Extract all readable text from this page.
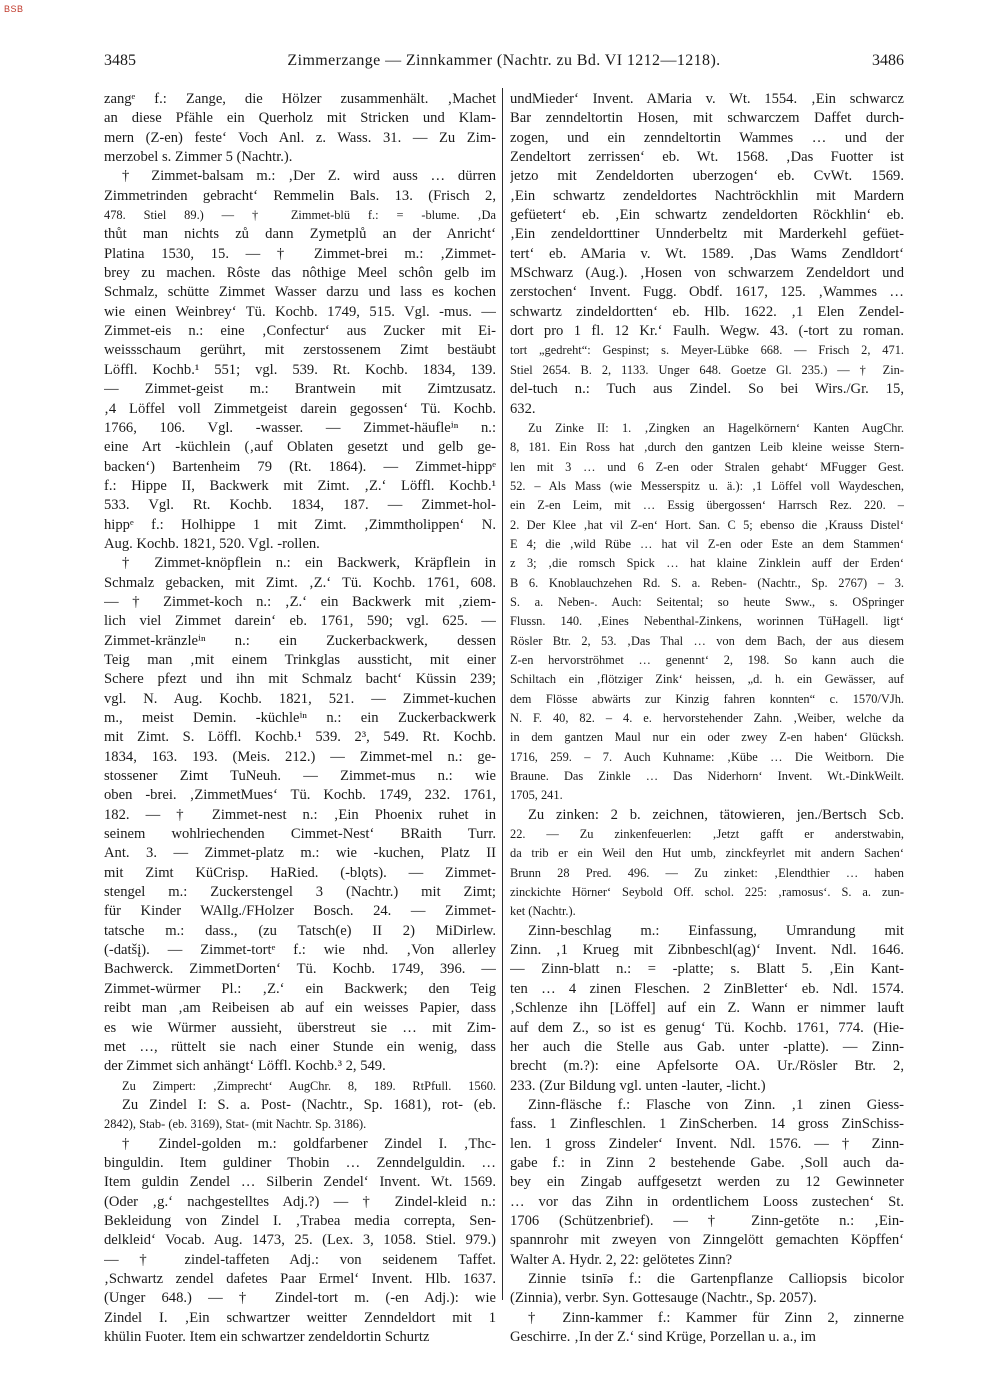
BSB
3485	Zimmerzange — Zinnkammer (Nachtr. zu Bd. VI 1212—1218).	3486
zangᵉ f.: Zange, die Hölzer zusammenhält. ‚Machet
an diese Pfähle ein Querholz mit Stricken und Klam-
mern (Z-en) feste‘ Voch Anl. z. Wass. 31. — Zu Zim-
merzobel s. Zimmer 5 (Nachtr.).
† Zimmet-balsam m.: ‚Der Z. wird auss … dürren
Zimmetrinden gebracht‘ Remmelin Bals. 13. (Frisch 2,
478. Stiel 89.) — † Zimmet-blü f.: = -blume. ‚Da
thůt man nichts zů dann Zymetplů an der Anricht‘
Platina 1530, 15. — † Zimmet-brei m.: ‚Zimmet-
brey zu machen. Rôste das nôthige Meel schôn gelb im
Schmalz, schütte Zimmet Wasser darzu und lass es kochen
wie einen Weinbrey‘ Tü. Kochb. 1749, 515. Vgl. -mus. —
Zimmet-eis n.: eine ‚Confectur‘ aus Zucker mit Ei-
weissschaum gerührt, mit zerstossenem Zimt bestäubt
Löffl. Kochb.¹ 551; vgl. 539. Rt. Kochb. 1834, 139.
— Zimmet-geist m.: Brantwein mit Zimtzusatz.
‚4 Löffel voll Zimmetgeist darein gegossen‘ Tü. Kochb.
1766, 106. Vgl. -wasser. — Zimmet-häufleⁱⁿ n.:
eine Art -küchlein (‚auf Oblaten gesetzt und gelb ge-
backen‘) Bartenheim 79 (Rt. 1864). — Zimmet-hippᵉ
f.: Hippe II, Backwerk mit Zimt. ‚Z.‘ Löffl. Kochb.¹
533. Vgl. Rt. Kochb. 1834, 187. — Zimmet-hol-
hippᵉ f.: Holhippe 1 mit Zimt. ‚Zimmtholippen‘ N.
Aug. Kochb. 1821, 520. Vgl. -rollen.
† Zimmet-knöpflein n.: ein Backwerk, Kräpflein in
Schmalz gebacken, mit Zimt. ‚Z.‘ Tü. Kochb. 1761, 608.
— † Zimmet-koch n.: ‚Z.‘ ein Backwerk mit ‚ziem-
lich viel Zimmet darein‘ eb. 1761, 590; vgl. 625. —
Zimmet-kränzleⁱⁿ n.: ein Zuckerbackwerk, dessen
Teig man ‚mit einem Trinkglas aussticht, mit einer
Schere pfezt und ihn mit Schmalz bacht‘ Küssin 239;
vgl. N. Aug. Kochb. 1821, 521. — Zimmet-kuchen
m., meist Demin. -küchleⁱⁿ n.: ein Zuckerbackwerk
mit Zimt. S. Löffl. Kochb.¹ 539. 2³, 549. Rt. Kochb.
1834, 163. 193. (Meis. 212.) — Zimmet-mel n.: ge-
stossener Zimt TuNeuh. — Zimmet-mus n.: wie
oben -brei. ‚ZimmetMues‘ Tü. Kochb. 1749, 232. 1761,
182. — † Zimmet-nest n.: ‚Ein Phoenix ruhet in
seinem wohlriechenden Cimmet-Nest‘ BRaith Turr.
Ant. 3. — Zimmet-platz m.: wie -kuchen, Platz II
mit Zimt KüCrisp. HaRied. (-blǫts). — Zimmet-
stengel m.: Zuckerstengel 3 (Nachtr.) mit Zimt;
für Kinder WAllg./FHolzer Bosch. 24. — Zimmet-
tatsche m.: dass., (zu Tatsch(e) II 2) MiDirlew.
(-datšį). — Zimmet-tortᵉ f.: wie nhd. ‚Von allerley
Bachwerck. ZimmetDorten‘ Tü. Kochb. 1749, 396. —
Zimmet-würmer Pl.: ‚Z.‘ ein Backwerk; den Teig
reibt man ‚am Reibeisen ab auf ein weisses Papier, dass
es wie Würmer aussieht, überstreut sie … mit Zim-
met …, rüttelt sie nach einer Stunde ein wenig, dass
der Zimmet sich anhängt‘ Löffl. Kochb.³ 2, 549.
Zu Zimpert: ‚Zimprecht‘ AugChr. 8, 189. RtPfull. 1560.
Zu Zindel I: S. a. Post- (Nachtr., Sp. 1681), rot- (eb.
2842), Stab- (eb. 3169), Stat- (mit Nachtr. Sp. 3186).
† Zindel-golden m.: goldfarbener Zindel I. ‚Thc-
binguldin. Item guldiner Thobin … Zenndelguldin. …
Item guldin Zendel … Silberin Zendel‘ Invent. Wt. 1569.
(Oder ‚g.‘ nachgestelltes Adj.?) — † Zindel-kleid n.:
Bekleidung von Zindel I. ‚Trabea media correpta, Sen-
delkleid‘ Vocab. Aug. 1473, 25. (Lex. 3, 1058. Stiel. 979.)
— † zindel-taffeten Adj.: von seidenem Taffet.
‚Schwartz zendel dafetes Paar Ermel‘ Invent. Hlb. 1637.
(Unger 648.) — † Zindel-tort m. (-en Adj.): wie
Zindel I. ‚Ein schwartzer weitter Zenndeldort mit 1
khülin Fuoter. Item ein schwartzer zendeldortin Schurtz
undMieder‘ Invent. AMaria v. Wt. 1554. ‚Ein schwarcz
Bar zenndeltortin Hosen, mit schwarczem Daffet durch-
zogen, und ein zenndeltortin Wammes … und der
Zendeltort zerrissen‘ eb. Wt. 1568. ‚Das Fuotter ist
jetzo mit Zendeldorten uberzogen‘ eb. CvWt. 1569.
‚Ein schwartz zendeldortes Nachtröckhlin mit Mardern
gefüetert‘ eb. ‚Ein schwartz zendeldorten Röckhlin‘ eb.
‚Ein zendeldorttiner Unnderbeltz mit Marderkehl gefüet-
tert‘ eb. AMaria v. Wt. 1589. ‚Das Wams Zendldort‘
MSchwarz (Aug.). ‚Hosen von schwarzem Zendeldort und
zerstochen‘ Invent. Fugg. Obdf. 1617, 125. ‚Wammes …
schwartz zindeldortten‘ eb. Hlb. 1622. ‚1 Elen Zendel-
dort pro 1 fl. 12 Kr.‘ Faulh. Wegw. 43. (-tort zu roman.
tort „gedreht“: Gespinst; s. Meyer-Lübke 668. — Frisch 2, 471.
Stiel 2654. B. 2, 1133. Unger 648. Goetze Gl. 235.) — † Zin-
del-tuch n.: Tuch aus Zindel. So bei Wirs./Gr. 15,
632.
Zu Zinke II: 1. ‚Zingken an Hagelkörnern‘ Kanten AugChr.
8, 181. Ein Ross hat ‚durch den gantzen Leib kleine weisse Stern-
len mit 3 … und 6 Z-en oder Stralen gehabt‘ MFugger Gest.
52. – Als Mass (wie Messerspitz u. ä.): ‚1 Löffel voll Waydeschen,
ein Z-en Leim, mit … Essig übergossen‘ Harrsch Rez. 220. –
2. Der Klee ‚hat vil Z-en‘ Hort. San. C 5; ebenso die ‚Krauss Distel‘
E 4; die ‚wild Rübe … hat vil Z-en oder Este an dem Stammen‘
z 3; ‚die romsch Spick … hat klaine Zinklein auff der Erden‘
B 6. Knoblauchzehen Rd. S. a. Reben- (Nachtr., Sp. 2767) – 3.
S. a. Neben-. Auch: Seitental; so heute Sww., s. OSpringer
Flussn. 140. ‚Eines Nebenthal-Zinkens, worinnen TüHagell. ligt‘
Rösler Btr. 2, 53. ‚Das Thal … von dem Bach, der aus diesem
Z-en hervorströhmet … genennt‘ 2, 198. So kann auch die
Schiltach ein ‚flötziger Zink‘ heissen, „d. h. ein Gewässer, auf
dem Flösse abwärts zur Kinzig fahren konnten“ c. 1570/VJh.
N. F. 40, 82. – 4. e. hervorstehender Zahn. ‚Weiber, welche da
in dem gantzen Maul nur ein oder zwey Z-en haben‘ Glücksh.
1716, 259. – 7. Auch Kuhname: ‚Kübe … Die Weitborn. Die
Braune. Das Zinkle … Das Niderhorn‘ Invent. Wt.-DinkWeilt.
1705, 241.
Zu zinken: 2 b. zeichnen, tätowieren, jen./Bertsch Scb.
22. — Zu zinkenfeuerlen: ‚Jetzt gafft er anderstwabin,
da trib er ein Weil den Hut umb, zinckfeyrlet mit andern Sachen‘
Brunn 28 Pred. 496. — Zu zinket: ‚Elendthier … haben
zinckichte Hörner‘ Seybold Off. schol. 225: ‚ramosus‘. S. a. zun-
ket (Nachtr.).
Zinn-beschlag m.: Einfassung, Umrandung mit
Zinn. ‚1 Krueg mit Zibnbeschl(ag)‘ Invent. Ndl. 1646.
— Zinn-blatt n.: = -platte; s. Blatt 5. ‚Ein Kant-
ten … 4 zinen Fleschen. 2 ZinBletter‘ eb. Ndl. 1574.
‚Schlenze ihn [Löffel] auf ein Z. Wann er nimmer lauft
auf dem Z., so ist es genug‘ Tü. Kochb. 1761, 774. (Hie-
her auch die Stelle aus Gab. unter -platte). — Zinn-
brecht (m.?): eine Apfelsorte OA. Ur./Rösler Btr. 2,
233. (Zur Bildung vgl. unten -lauter, -licht.)
Zinn-fläsche f.: Flasche von Zinn. ‚1 zinen Giess-
fass. 1 Zinfleschlen. 1 ZinScherben. 14 gross ZinSchiss-
len. 1 gross Zindeler‘ Invent. Ndl. 1576. — † Zinn-
gabe f.: in Zinn 2 bestehende Gabe. ‚Soll auch da-
bey ein Zingab auffgesetzt werden zu 12 Gewinneter
… vor das Zihn in ordentlichem Looss zustechen‘ St.
1706 (Schützenbrief). — † Zinn-getöte n.: ‚Ein-
spannrohr mit zweyen von Zinngelött gemachten Köpffen‘
Walter A. Hydr. 2, 22: gelötetes Zinn?
Zinnie tsinīə f.: die Gartenpflanze Calliopsis bicolor
(Zinnia), verbr. Syn. Gottesauge (Nachtr., Sp. 2057).
† Zinn-kammer f.: Kammer für Zinn 2, zinnerne
Geschirre. ‚In der Z.‘ sind Krüge, Porzellan u. a., im
